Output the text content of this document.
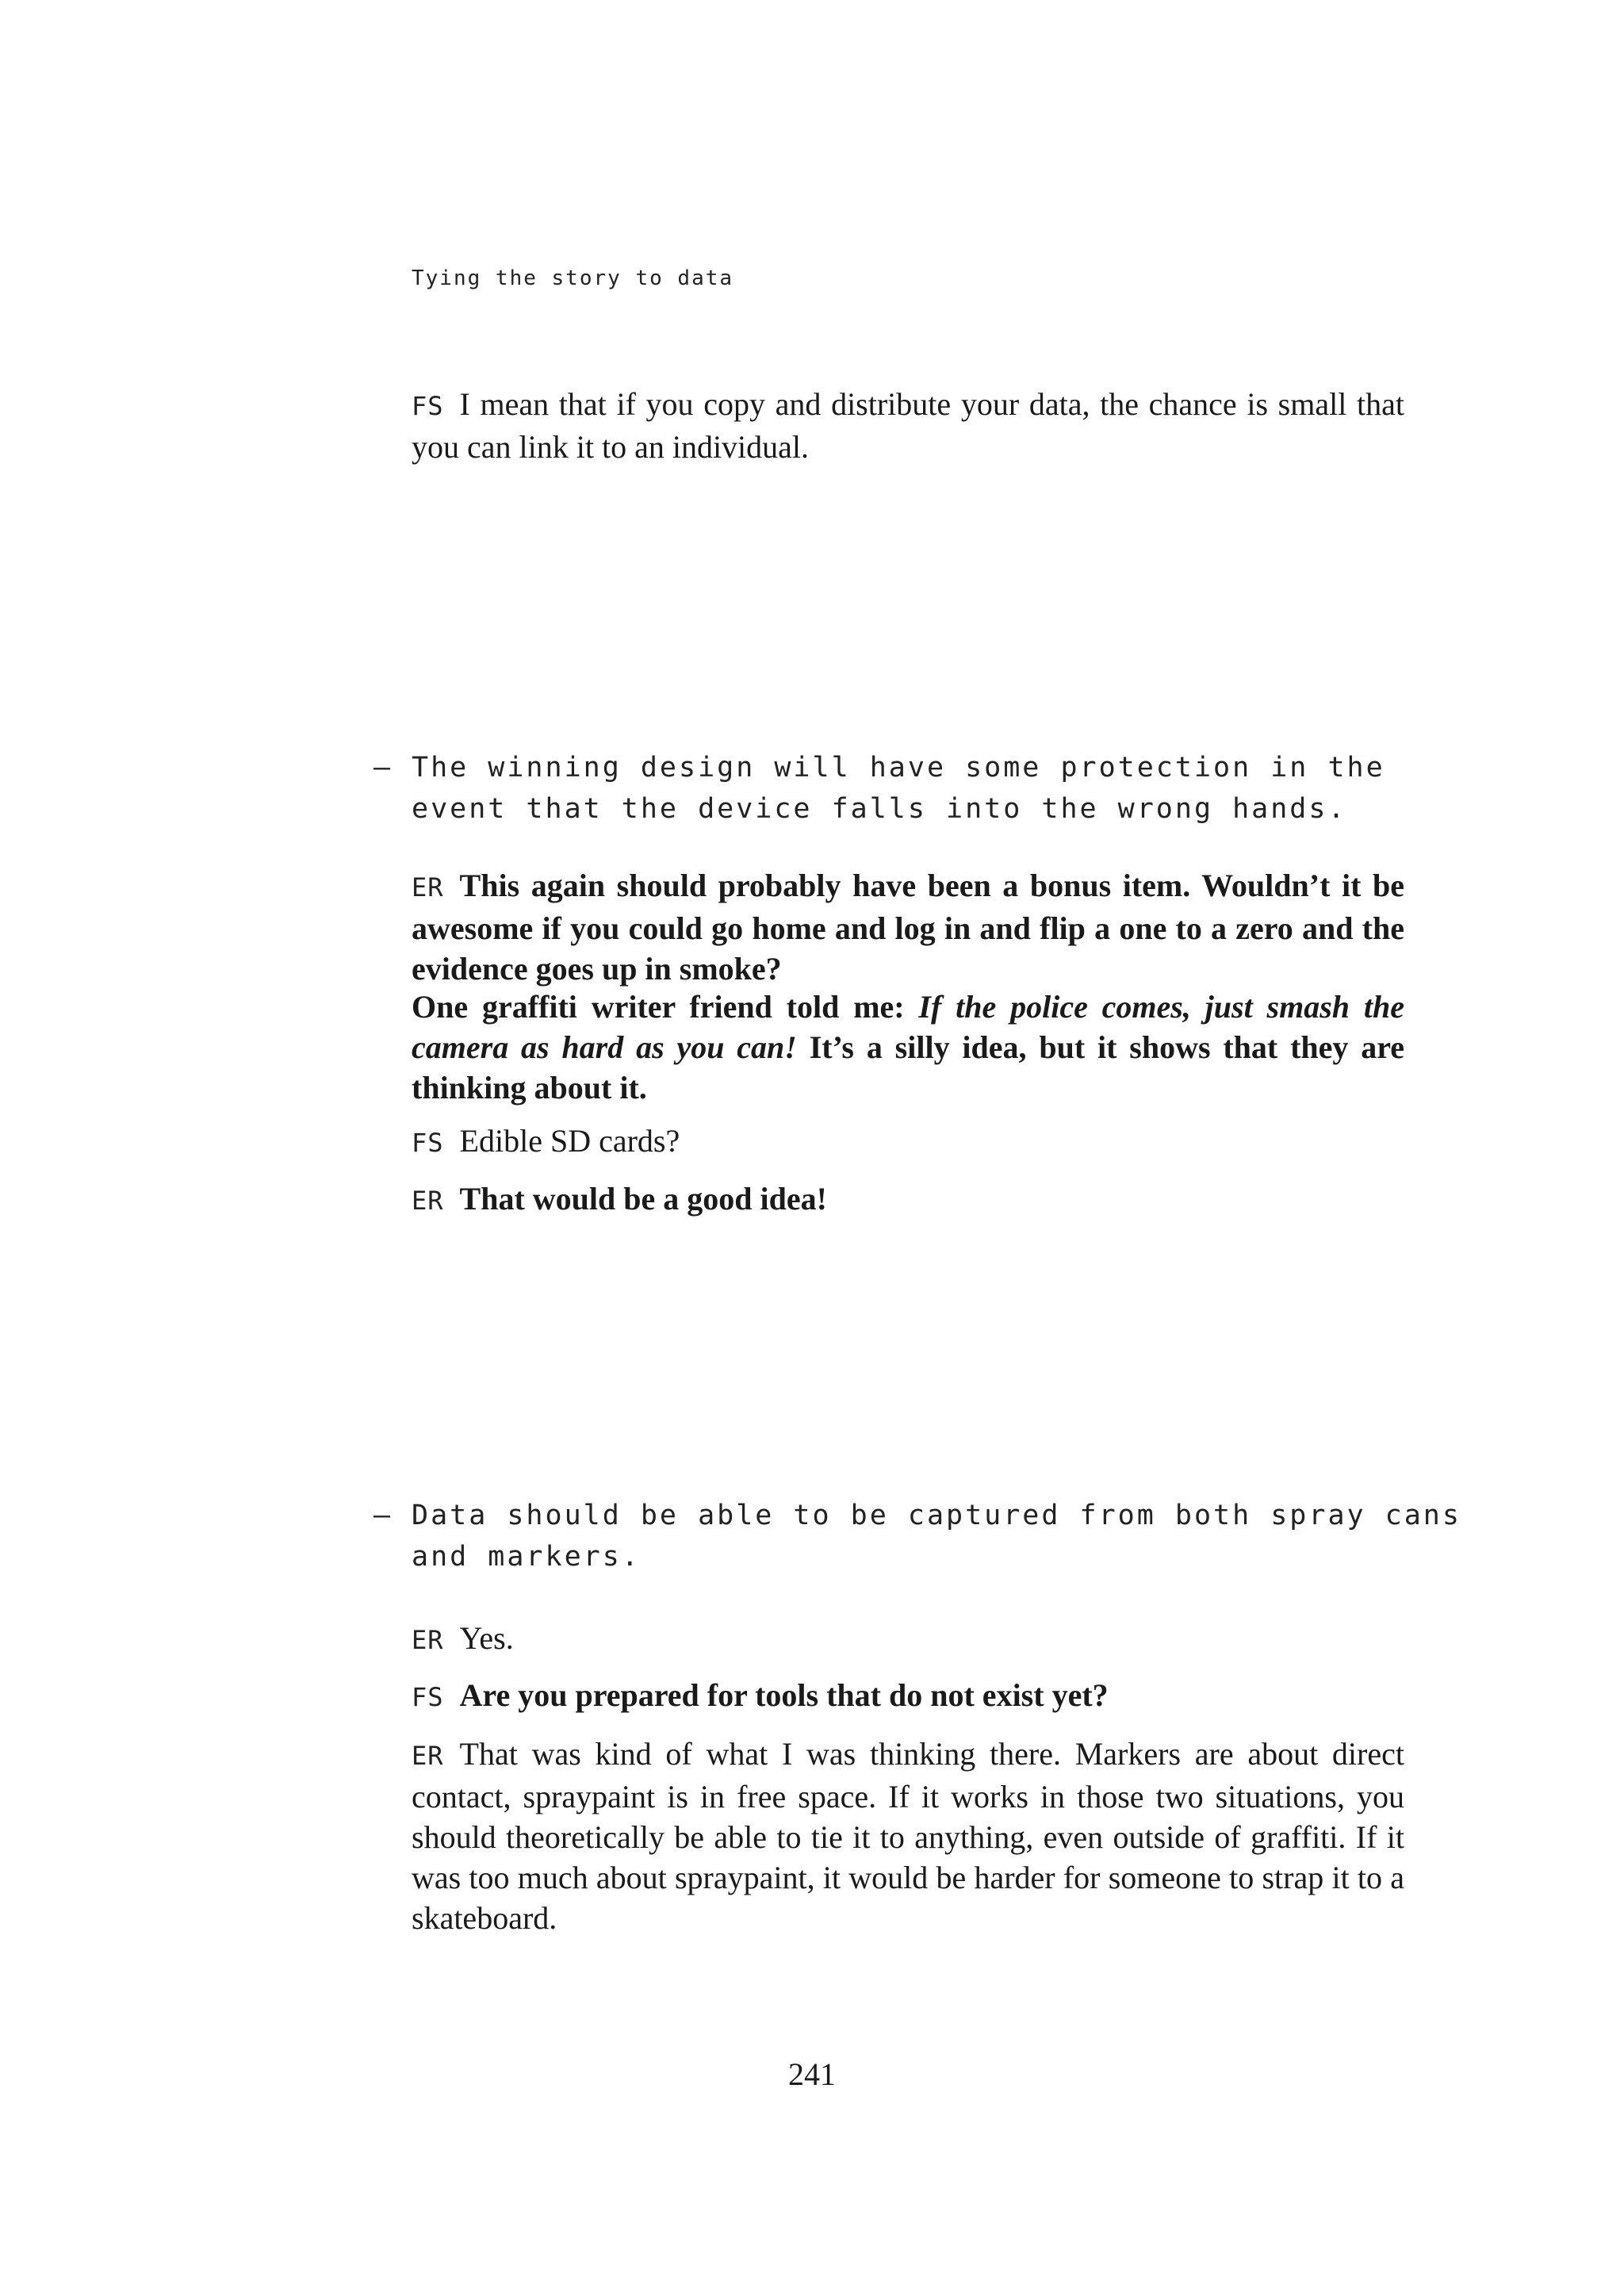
Tying the story to data
FS I mean that if you copy and distribute your data, the chance is small that you can link it to an individual.
– The winning design will have some protection in the event that the device falls into the wrong hands.
ER This again should probably have been a bonus item. Wouldn’t it be awesome if you could go home and log in and flip a one to a zero and the evidence goes up in smoke?
One graffiti writer friend told me: If the police comes, just smash the camera as hard as you can! It’s a silly idea, but it shows that they are thinking about it.
FS Edible SD cards?
ER That would be a good idea!
– Data should be able to be captured from both spray cans and markers.
ER Yes.
FS Are you prepared for tools that do not exist yet?
ER That was kind of what I was thinking there. Markers are about direct contact, spraypaint is in free space. If it works in those two situations, you should theoretically be able to tie it to anything, even outside of graffiti. If it was too much about spraypaint, it would be harder for someone to strap it to a skateboard.
241
